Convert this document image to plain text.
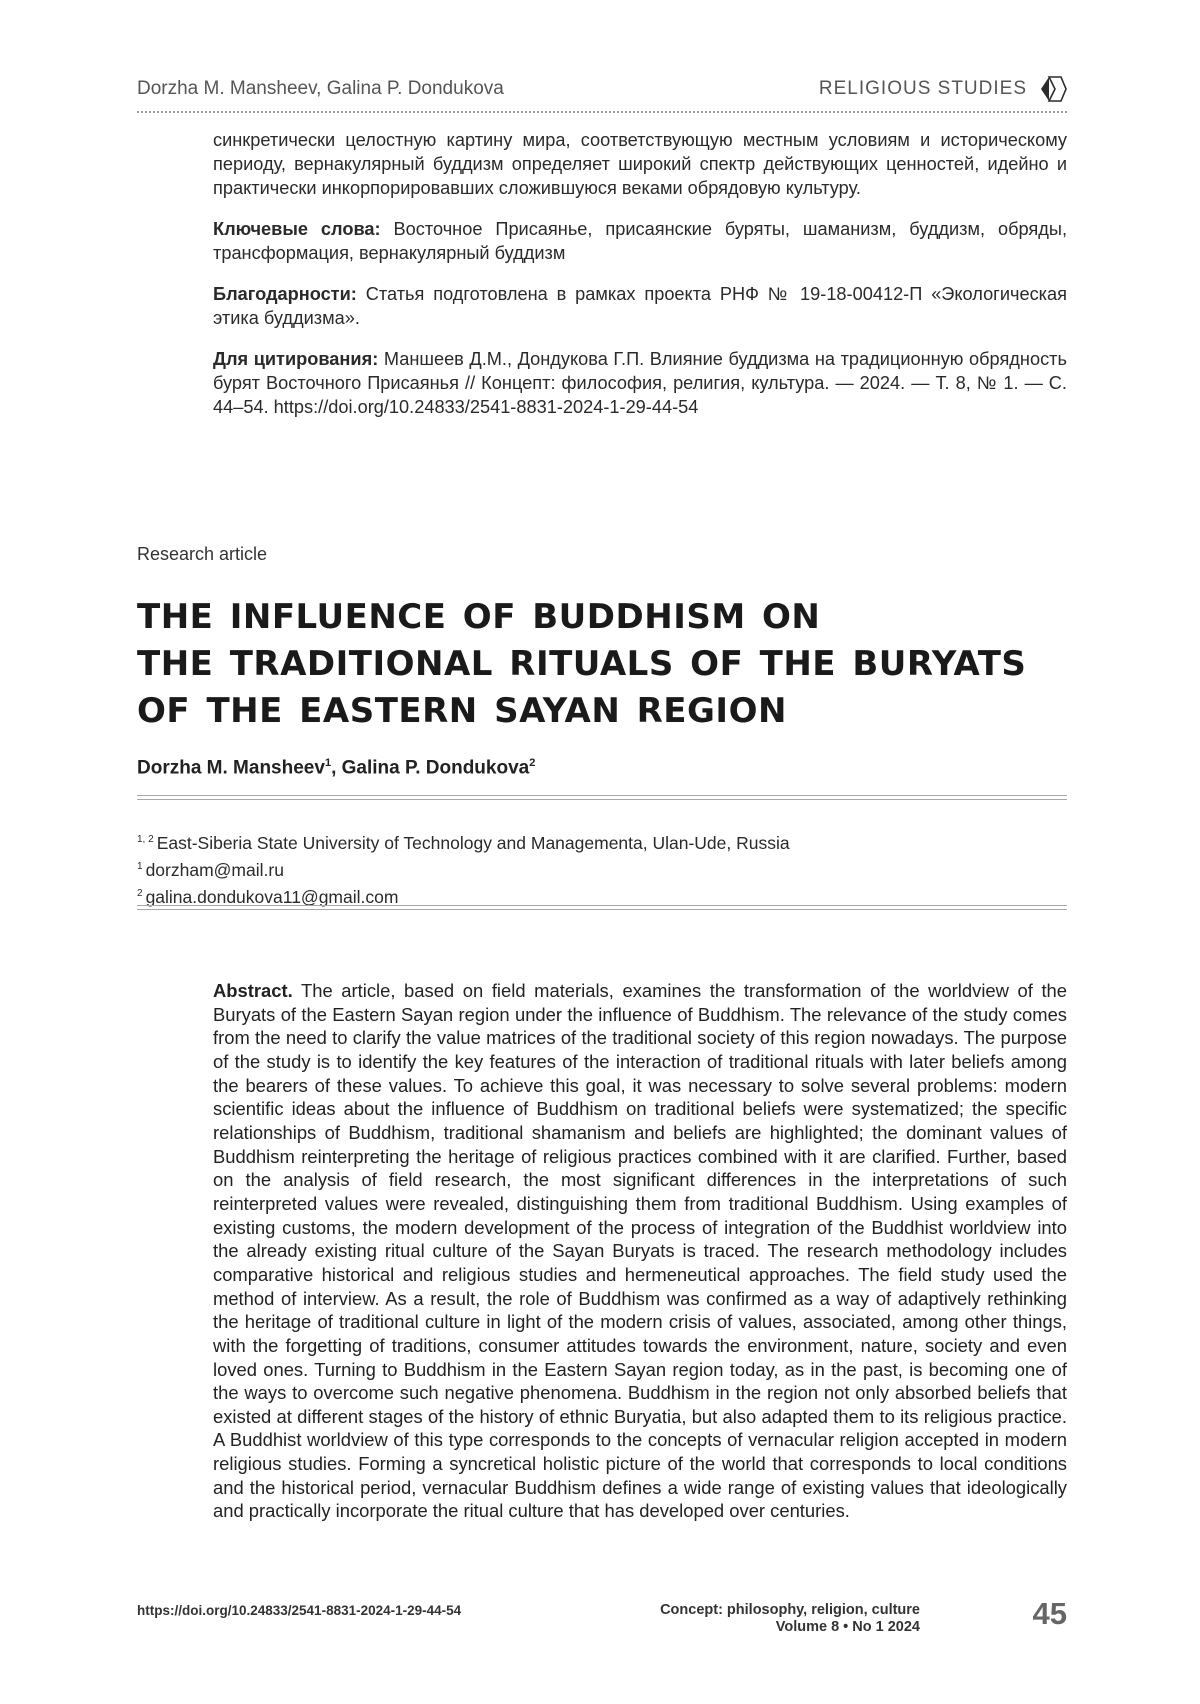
Dorzha M. Mansheev, Galina P. Dondukova	RELIGIOUS STUDIES

синкретически целостную картину мира, соответствующую местным условиям и историческому периоду, вернакулярный буддизм определяет широкий спектр действующих ценностей, идейно и практически инкорпорировавших сложившуюся веками обрядовую культуру.

Ключевые слова: Восточное Присаянье, присаянские буряты, шаманизм, буддизм, обряды, трансформация, вернакулярный буддизм

Благодарности: Статья подготовлена в рамках проекта РНФ № 19-18-00412-П «Экологическая этика буддизма».

Для цитирования: Маншеев Д.М., Дондукова Г.П. Влияние буддизма на традиционную обрядность бурят Восточного Присаянья // Концепт: философия, религия, культура. — 2024. — Т. 8, № 1. — С. 44–54. https://doi.org/10.24833/2541-8831-2024-1-29-44-54

Research article
THE INFLUENCE OF BUDDHISM ON
THE TRADITIONAL RITUALS OF THE BURYATS
OF THE EASTERN SAYAN REGION
Dorzha M. Mansheev$^1$, Galina P. Dondukova$^2$
$^{1, 2}$ East-Siberia State University of Technology and Managementa, Ulan-Ude, Russia
$^1$ dorzham@mail.ru
$^2$ galina.dondukova11@gmail.com

Abstract. The article, based on field materials, examines the transformation of the worldview of the Buryats of the Eastern Sayan region under the influence of Buddhism. The relevance of the study comes from the need to clarify the value matrices of the traditional society of this region nowadays. The purpose of the study is to identify the key features of the interaction of traditional rituals with later beliefs among the bearers of these values. To achieve this goal, it was necessary to solve several problems: modern scientific ideas about the influence of Buddhism on traditional beliefs were systematized; the specific relationships of Buddhism, traditional shamanism and beliefs are highlighted; the dominant values of Buddhism reinterpreting the heritage of religious practices combined with it are clarified. Further, based on the analysis of field research, the most significant differences in the interpretations of such reinterpreted values were revealed, distinguishing them from traditional Buddhism. Using examples of existing customs, the modern development of the process of integration of the Buddhist worldview into the already existing ritual culture of the Sayan Buryats is traced. The research methodology includes comparative historical and religious studies and hermeneutical approaches. The field study used the method of interview. As a result, the role of Buddhism was confirmed as a way of adaptively rethinking the heritage of traditional culture in light of the modern crisis of values, associated, among other things, with the forgetting of traditions, consumer attitudes towards the environment, nature, society and even loved ones. Turning to Buddhism in the Eastern Sayan region today, as in the past, is becoming one of the ways to overcome such negative phenomena. Buddhism in the region not only absorbed beliefs that existed at different stages of the history of ethnic Buryatia, but also adapted them to its religious practice. A Buddhist worldview of this type corresponds to the concepts of vernacular religion accepted in modern religious studies. Forming a syncretical holistic picture of the world that corresponds to local conditions and the historical period, vernacular Buddhism defines a wide range of existing values that ideologically and practically incorporate the ritual culture that has developed over centuries.

https://doi.org/10.24833/2541-8831-2024-1-29-44-54	Concept: philosophy, religion, culture
Volume 8 • No 1 2024	45
